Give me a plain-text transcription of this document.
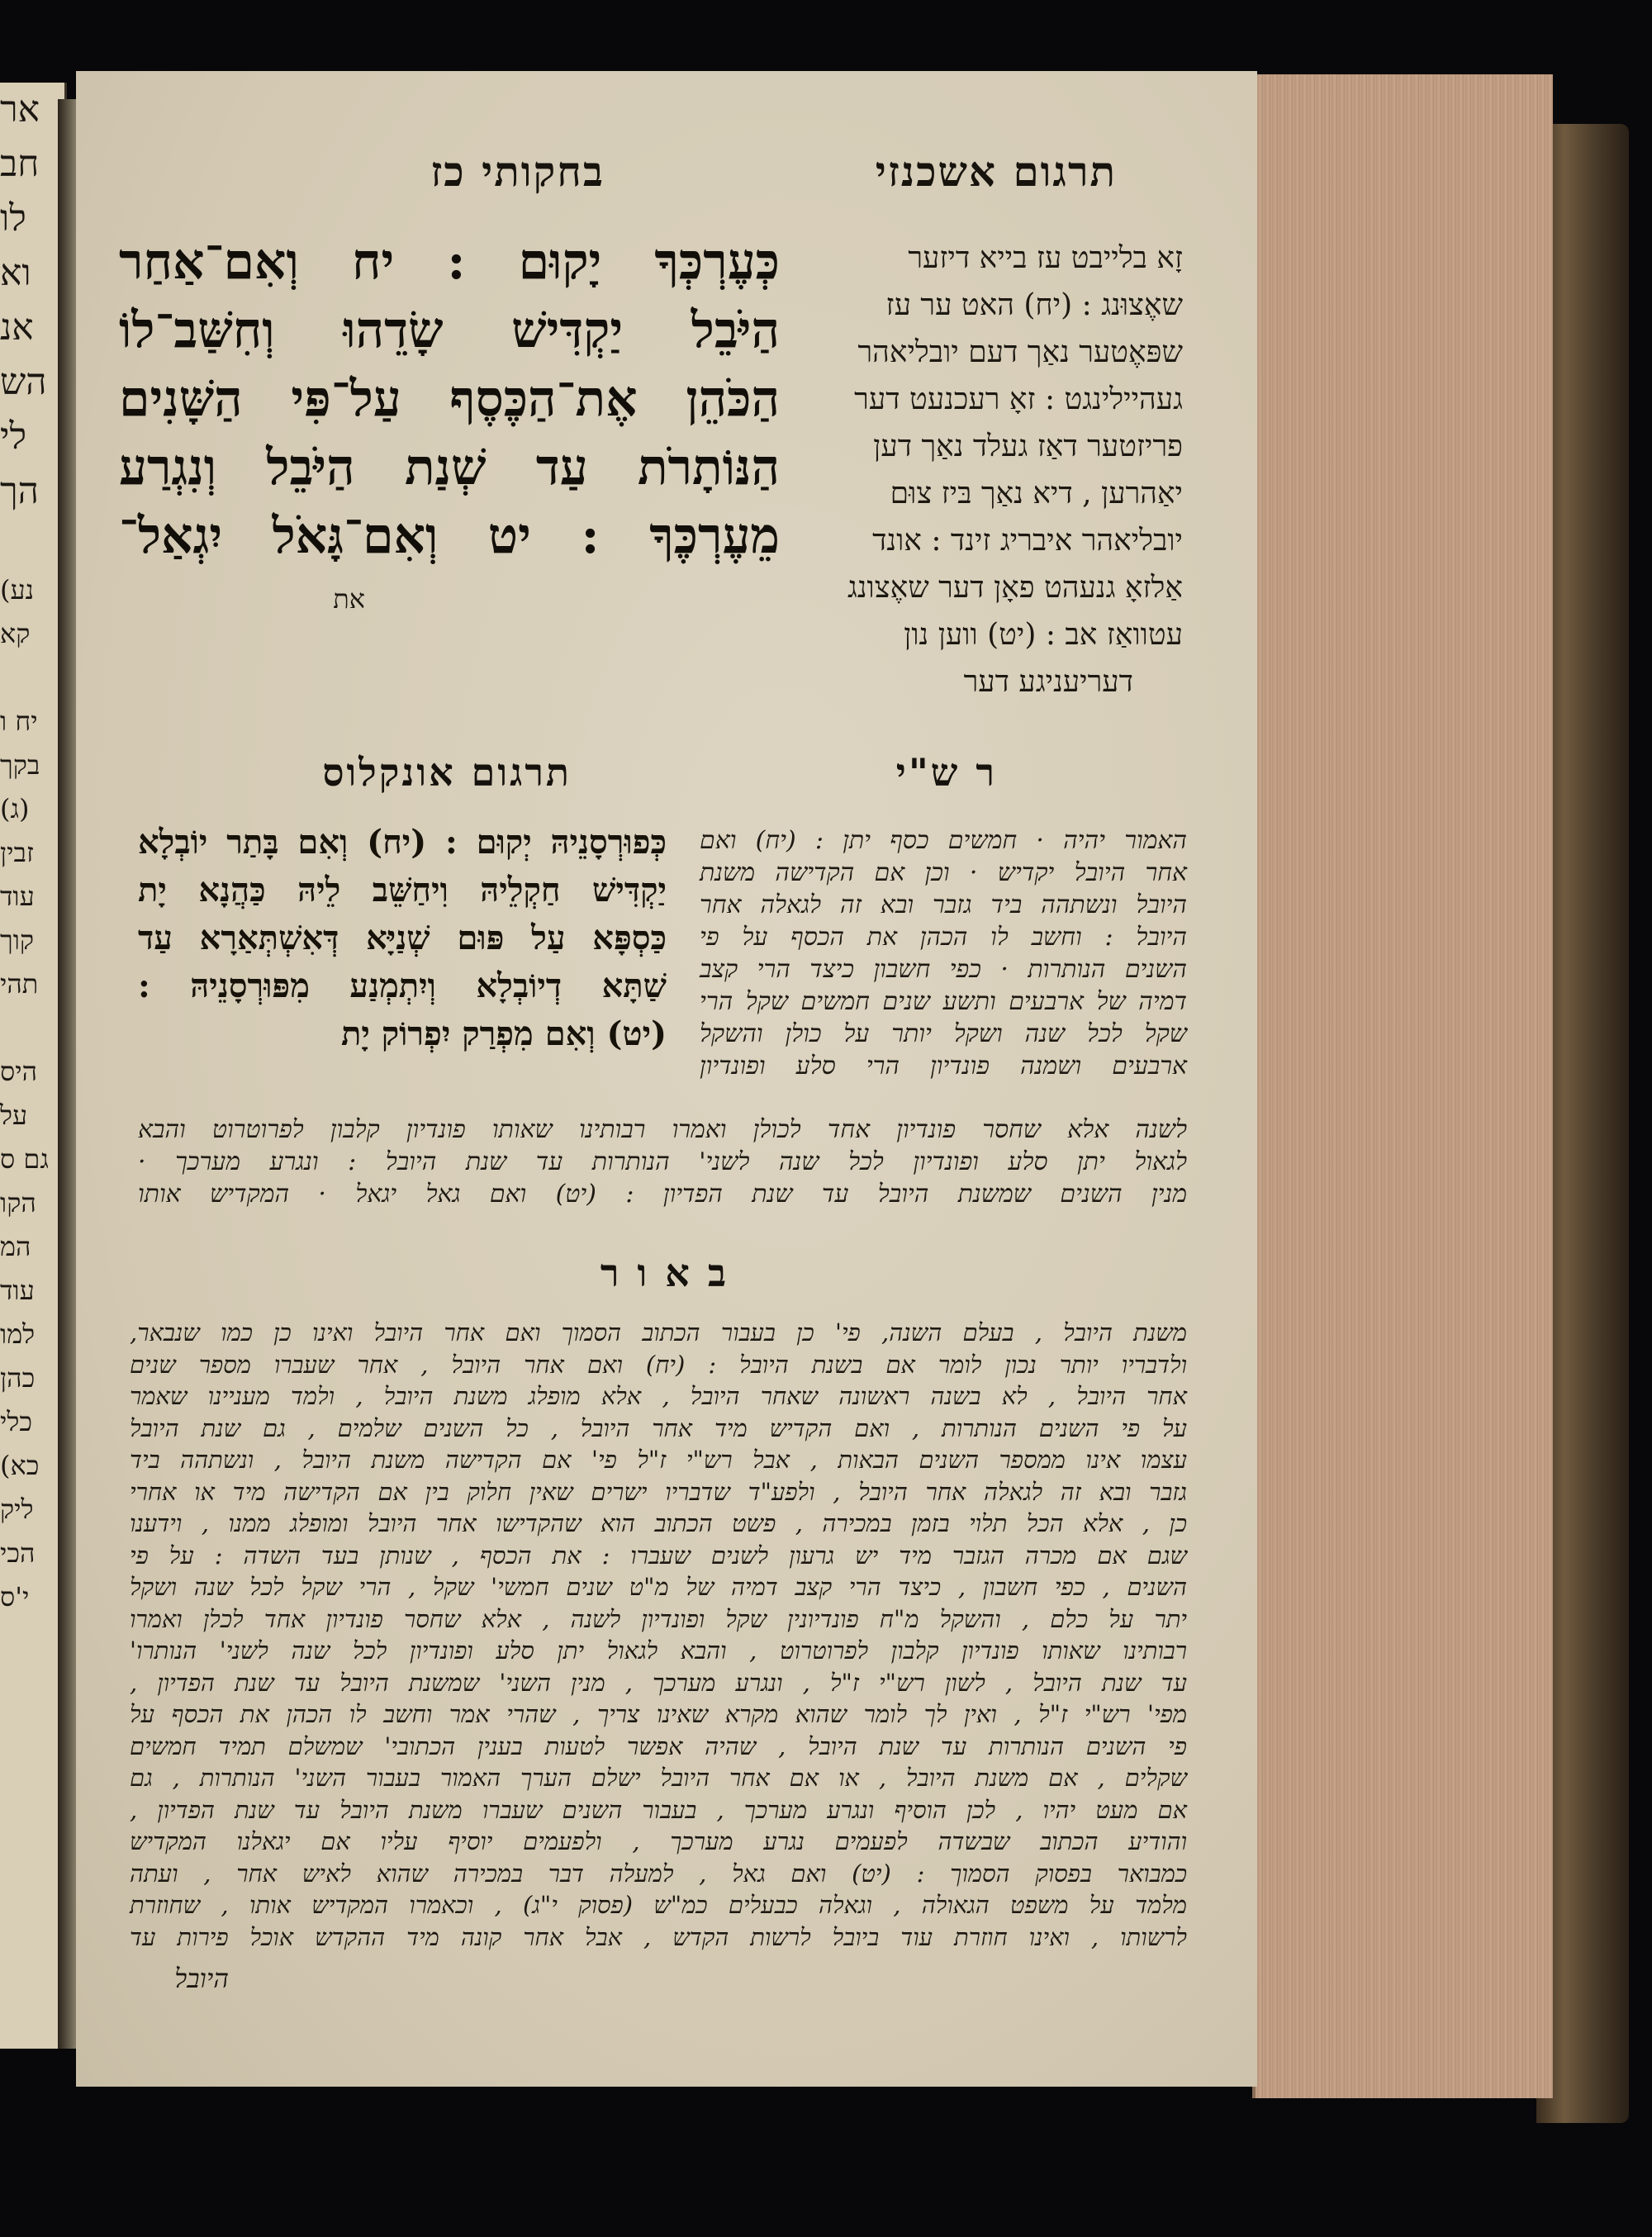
אר
חב
לו
וא
אנ
הש
לי
הך
(נע
קא
יח ו
בקך
(ג)
זבין
עוד
קוך
תהי
היס
על
גם ס
הקו
המ
עוד
למו
כהן
כלי
(כא
ליק
הכי
י'ס
תרגום אשכנזי
בחקותי כז
זָא בלייבט עז בייא דיזער
שאֶצוּנג : (יח) האט ער עז
שפּאֶטער נאַך דעם יובליאהר
געהיילינגט : זאָ רעכנעט דער
פריזטער דאַז געלד נאַך דען
יאַהרען , דיא נאַך בּיז צוּם
יובליאהר איבריג זינד : אונד
אַלזאָ גנעהט פאָן דער שאֶצונג
עטוואַז אב : (יט) ווען נון
דעריעניגע דער
כְּעֶרְכְּךָ יָקוּם : יח וְאִם־אַחַר
הַיֹּבֵל יַקְדִּישׁ שָׂדֵהוּ וְחִשַּׁב־לוֹ
הַכֹּהֵן אֶת־הַכֶּסֶף עַל־פִּי הַשָּׁנִים
הַנּוֹתָרֹת עַד שְׁנַת הַיֹּבֵל וְנִגְרַע
מֵעֶרְכֶּךָ : יט וְאִם־גָּאֹל יִגְאַל־
את
ר ש"י
תרגום אונקלוס
האמור יהיה · חמשים כסף יתן : (יח) ואם
אחר היובל יקדיש · וכן אם הקדישה משנת
היובל ונשתהה ביד גזבר ובא זה לגאלה אחר
היובל : וחשב לו הכהן את הכסף על פי
השנים הנותרות · כפי חשבון כיצד הרי קצב
דמיה של ארבעים ותשע שנים חמשים שקל הרי
שקל לכל שנה ושקל יותר על כולן והשקל
ארבעים ושמנה פונדיון הרי סלע ופונדיון
כְּפוּרְסָנֵיהּ יְקוּם : (יח) וְאִם בָּתַר יוֹבְלָא
יַקְדִּישׁ חַקְלֵיהּ וִיחַשֵּׁב לֵיהּ כַּהֲנָא יָת
כַּסְפָּא עַל פּוּם שְׁנַיָּא דְּאִשְׁתְּאַרָא עַד
שַׁתָּא דְיוֹבְלָא וְיִתְמְנַע מִפּוּרְסָנֵיהּ :
(יט) וְאִם מִפְרַק יִפְרוֹק יָת
לשנה אלא שחסר פונדיון אחד לכולן ואמרו רבותינו שאותו פונדיון קלבון לפרוטרוט והבא
לגאול יתן סלע ופונדיון לכל שנה לשני' הנותרות עד שנת היובל : ונגרע מערכך ·
מנין השנים שמשנת היובל עד שנת הפדיון : (יט) ואם גאל יגאל · המקדיש אותו
ב א ו ר
משנת היובל , בעלם השנה, פי' כן בעבור הכתוב הסמוך ואם אחר היובל ואינו כן כמו שנבאר,
ולדבריו יותר נכון לומר אם בשנת היובל : (יח) ואם אחר היובל , אחר שעברו מספר שנים
אחר היובל , לא בשנה ראשונה שאחר היובל , אלא מופלג משנת היובל , ולמד מעניינו שאמר
על פי השנים הנותרות , ואם הקדיש מיד אחר היובל , כל השנים שלמים , גם שנת היובל
עצמו אינו ממספר השנים הבאות , אבל רש"י ז"ל פי' אם הקדישה משנת היובל , ונשתהה ביד
גזבר ובא זה לגאלה אחר היובל , ולפע"ד שדבריו ישרים שאין חלוק בין אם הקדישה מיד או אחרי
כן , אלא הכל תלוי בזמן במכירה , פשט הכתוב הוא שהקדישו אחר היובל ומופלג ממנו , וידענו
שגם אם מכרה הגזבר מיד יש גרעון לשנים שעברו : את הכסף , שנותן בעד השדה : על פי
השנים , כפי חשבון , כיצד הרי קצב דמיה של מ"ט שנים חמשי' שקל , הרי שקל לכל שנה ושקל
יתר על כלם , והשקל מ"ח פונדיונין שקל ופונדיון לשנה , אלא שחסר פונדיון אחד לכלן ואמרו
רבותינו שאותו פונדיון קלבון לפרוטרוט , והבא לגאול יתן סלע ופונדיון לכל שנה לשני' הנותרו'
עד שנת היובל , לשון רש"י ז"ל , ונגרע מערכך , מנין השני' שמשנת היובל עד שנת הפדיון ,
מפי' רש"י ז"ל , ואין לך לומר שהוא מקרא שאינו צריך , שהרי אמר וחשב לו הכהן את הכסף על
פי השנים הנותרות עד שנת היובל , שהיה אפשר לטעות בענין הכתובי' שמשלם תמיד חמשים
שקלים , אם משנת היובל , או אם אחר היובל ישלם הערך האמור בעבור השני' הנותרות , גם
אם מעט יהיו , לכן הוסיף ונגרע מערכך , בעבור השנים שעברו משנת היובל עד שנת הפדיון ,
והודיע הכתוב שבשדה לפעמים נגרע מערכך , ולפעמים יוסיף עליו אם יגאלנו המקדיש
כמבואר בפסוק הסמוך : (יט) ואם גאל , למעלה דבר במכירה שהוא לאיש אחר , ועתה
מלמד על משפט הגאולה , וגאלה כבעלים כמ"ש (פסוק י"ג) , וכאמרו המקדיש אותו , שחוזרת
לרשותו , ואינו חוזרת עוד ביובל לרשות הקדש , אבל אחר קונה מיד ההקדש אוכל פירות עד
היובל
